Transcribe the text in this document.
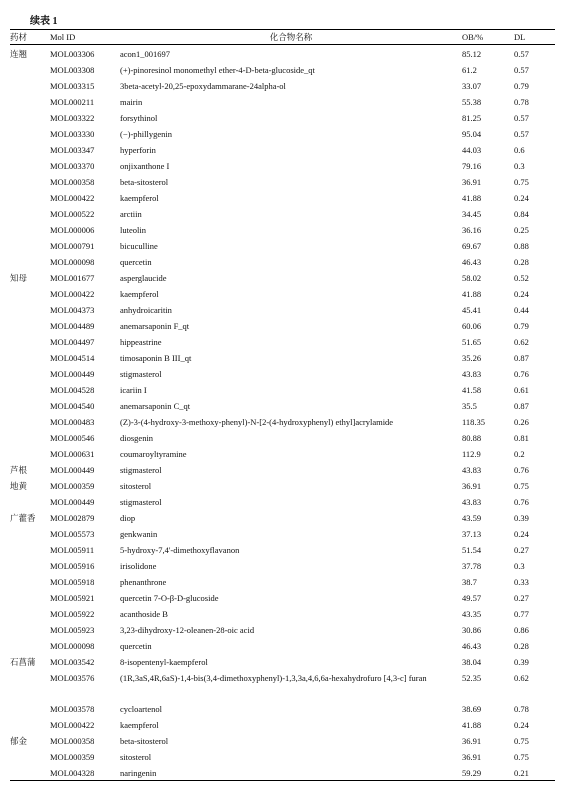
续表 1
药材	Mol ID	化合物名称	OB/%	DL
连翘	MOL003306	acon1_001697	85.12	0.57
	MOL003308	(+)-pinoresinol monomethyl ether-4-D-beta-glucoside_qt	61.2	0.57
	MOL003315	3beta-acetyl-20,25-epoxydammarane-24alpha-ol	33.07	0.79
	MOL000211	mairin	55.38	0.78
	MOL003322	forsythinol	81.25	0.57
	MOL003330	(−)-phillygenin	95.04	0.57
	MOL003347	hyperforin	44.03	0.6
	MOL003370	onjixanthone I	79.16	0.3
	MOL000358	beta-sitosterol	36.91	0.75
	MOL000422	kaempferol	41.88	0.24
	MOL000522	arctiin	34.45	0.84
	MOL000006	luteolin	36.16	0.25
	MOL000791	bicuculline	69.67	0.88
	MOL000098	quercetin	46.43	0.28
知母	MOL001677	asperglaucide	58.02	0.52
	MOL000422	kaempferol	41.88	0.24
	MOL004373	anhydroicaritin	45.41	0.44
	MOL004489	anemarsaponin F_qt	60.06	0.79
	MOL004497	hippeastrine	51.65	0.62
	MOL004514	timosaponin B III_qt	35.26	0.87
	MOL000449	stigmasterol	43.83	0.76
	MOL004528	icariin I	41.58	0.61
	MOL004540	anemarsaponin C_qt	35.5	0.87
	MOL000483	(Z)-3-(4-hydroxy-3-methoxy-phenyl)-N-[2-(4-hydroxyphenyl) ethyl]acrylamide	118.35	0.26
	MOL000546	diosgenin	80.88	0.81
	MOL000631	coumaroyltyramine	112.9	0.2
芦根	MOL000449	stigmasterol	43.83	0.76
地黄	MOL000359	sitosterol	36.91	0.75
	MOL000449	stigmasterol	43.83	0.76
广藿香	MOL002879	diop	43.59	0.39
	MOL005573	genkwanin	37.13	0.24
	MOL005911	5-hydroxy-7,4'-dimethoxyflavanon	51.54	0.27
	MOL005916	irisolidone	37.78	0.3
	MOL005918	phenanthrone	38.7	0.33
	MOL005921	quercetin 7-O-β-D-glucoside	49.57	0.27
	MOL005922	acanthoside B	43.35	0.77
	MOL005923	3,23-dihydroxy-12-oleanen-28-oic acid	30.86	0.86
	MOL000098	quercetin	46.43	0.28
石菖蒲	MOL003542	8-isopentenyl-kaempferol	38.04	0.39
	MOL003576	(1R,3aS,4R,6aS)-1,4-bis(3,4-dimethoxyphenyl)-1,3,3a,4,6,6a-hexahydrofuro [4,3-c] furan	52.35	0.62
	MOL003578	cycloartenol	38.69	0.78
	MOL000422	kaempferol	41.88	0.24
郁金	MOL000358	beta-sitosterol	36.91	0.75
	MOL000359	sitosterol	36.91	0.75
	MOL004328	naringenin	59.29	0.21
